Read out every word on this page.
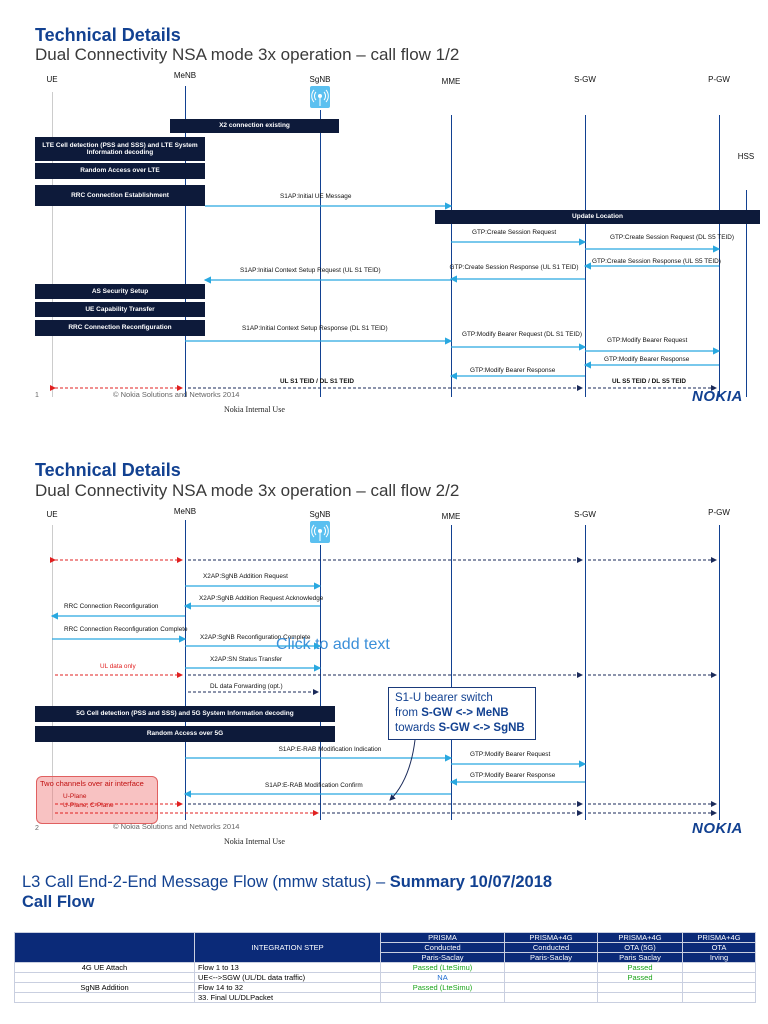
Technical Details
Dual Connectivity NSA mode 3x operation – call flow 1/2
UE	MeNB	SgNB	MME	S-GW	P-GW
HSS
X2 connection existing
LTE Cell detection (PSS and SSS) and LTE System Information decoding
Random Access over LTE
RRC Connection Establishment
Update Location
AS Security Setup
UE Capability Transfer
RRC Connection Reconfiguration
S1AP:Initial UE Message
GTP:Create Session Request
GTP:Create Session Request (DL S5 TEID)
GTP:Create Session Response (UL S5 TEID)
S1AP:Initial Context Setup Request (UL S1 TEID)	GTP:Create Session Response (UL S1 TEID)
S1AP:Initial Context Setup Response (DL S1 TEID)
GTP:Modify Bearer Request (DL S1 TEID)
GTP:Modify Bearer Request
GTP:Modify Bearer Response
GTP:Modify Bearer Response
UL S1 TEID / DL S1 TEID	UL S5 TEID / DL S5 TEID
1	© Nokia Solutions and Networks 2014
Nokia Internal Use
NOKIA
Technical Details
Dual Connectivity NSA mode 3x operation – call flow 2/2
UE	MeNB	SgNB	MME	S-GW	P-GW
X2AP:SgNB Addition Request
X2AP:SgNB Addition Request Acknowledge
RRC Connection Reconfiguration
RRC Connection Reconfiguration Complete
X2AP:SgNB Reconfiguration Complete
X2AP:SN Status Transfer
UL data only
DL data Forwarding (opt.)
S1AP:E-RAB Modification Indication
GTP:Modify Bearer Request
GTP:Modify Bearer Response
S1AP:E-RAB Modification Confirm
5G Cell detection (PSS and SSS) and 5G System Information decoding
Random Access over 5G
Click to add text
S1-U bearer switch
from S-GW <-> MeNB
towards S-GW <-> SgNB
Two channels over air interface
U-Plane
U-Plane, C-Plane
2	© Nokia Solutions and Networks 2014
Nokia Internal Use
NOKIA
L3 Call End-2-End Message Flow (mmw status) – Summary 10/07/2018
Call Flow
	INTEGRATION STEP	PRISMA	PRISMA+4G	PRISMA+4G	PRISMA+4G
		Conducted	Conducted	OTA (5G)	OTA
		Paris-Saclay	Paris-Saclay	Paris Saclay	Irving
4G UE Attach	Flow 1 to 13	Passed (LteSimu)		Passed	
	UE<-->SGW (UL/DL data traffic)	NA		Passed	
SgNB Addition	Flow 14 to 32	Passed (LteSimu)			
	33. Final UL/DLPacket				
